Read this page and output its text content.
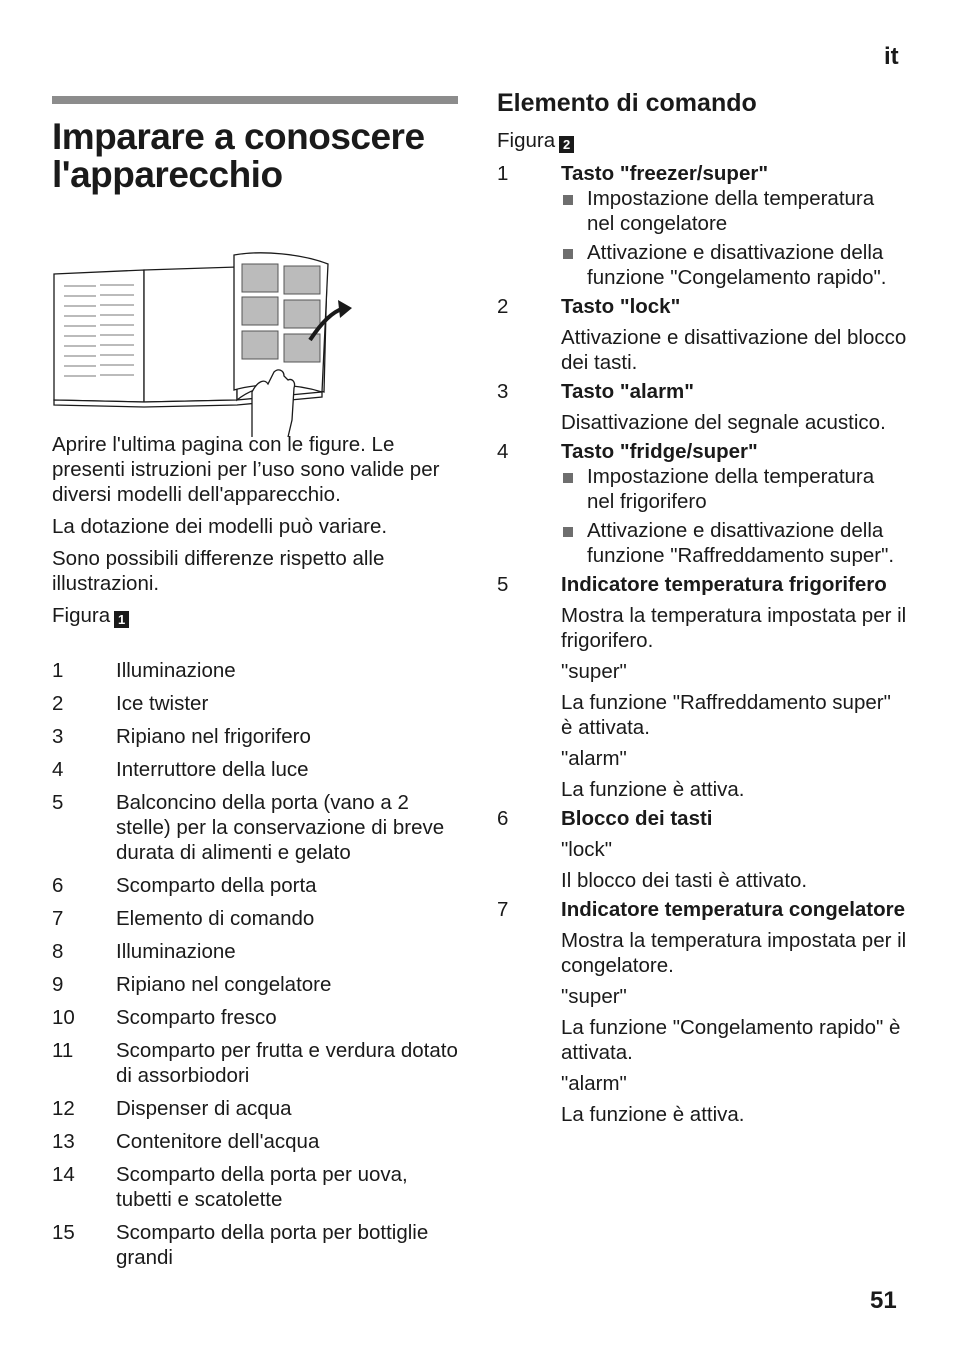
it
Imparare a conoscere l'apparecchio

Aprire l'ultima pagina con le figure. Le presenti istruzioni per l’uso sono valide per diversi modelli dell'apparecchio.

La dotazione dei modelli può variare.

Sono possibili differenze rispetto alle illustrazioni.

Figura 1

1	Illuminazione
2	Ice twister
3	Ripiano nel frigorifero
4	Interruttore della luce
5	Balconcino della porta (vano a 2 stelle) per la conservazione di breve durata di alimenti e gelato
6	Scomparto della porta
7	Elemento di comando
8	Illuminazione
9	Ripiano nel congelatore
10	Scomparto fresco
11	Scomparto per frutta e verdura dotato di assorbiodori
12	Dispenser di acqua
13	Contenitore dell'acqua
14	Scomparto della porta per uova, tubetti e scatolette
15	Scomparto della porta per bottiglie grandi
Elemento di comando

Figura 2

1	Tasto "freezer/super"
Impostazione della temperatura nel congelatore
Attivazione e disattivazione della funzione "Congelamento rapido".
2	Tasto "lock"
Attivazione e disattivazione del blocco dei tasti.
3	Tasto "alarm"
Disattivazione del segnale acustico.
4	Tasto "fridge/super"
Impostazione della temperatura nel frigorifero
Attivazione e disattivazione della funzione "Raffreddamento super".
5	Indicatore temperatura frigorifero
Mostra la temperatura impostata per il frigorifero.
"super"
La funzione "Raffreddamento super" è attivata.
"alarm"
La funzione è attiva.
6	Blocco dei tasti
"lock"
Il blocco dei tasti è attivato.
7	Indicatore temperatura congelatore
Mostra la temperatura impostata per il congelatore.
"super"
La funzione "Congelamento rapido" è attivata.
"alarm"
La funzione è attiva.
51
